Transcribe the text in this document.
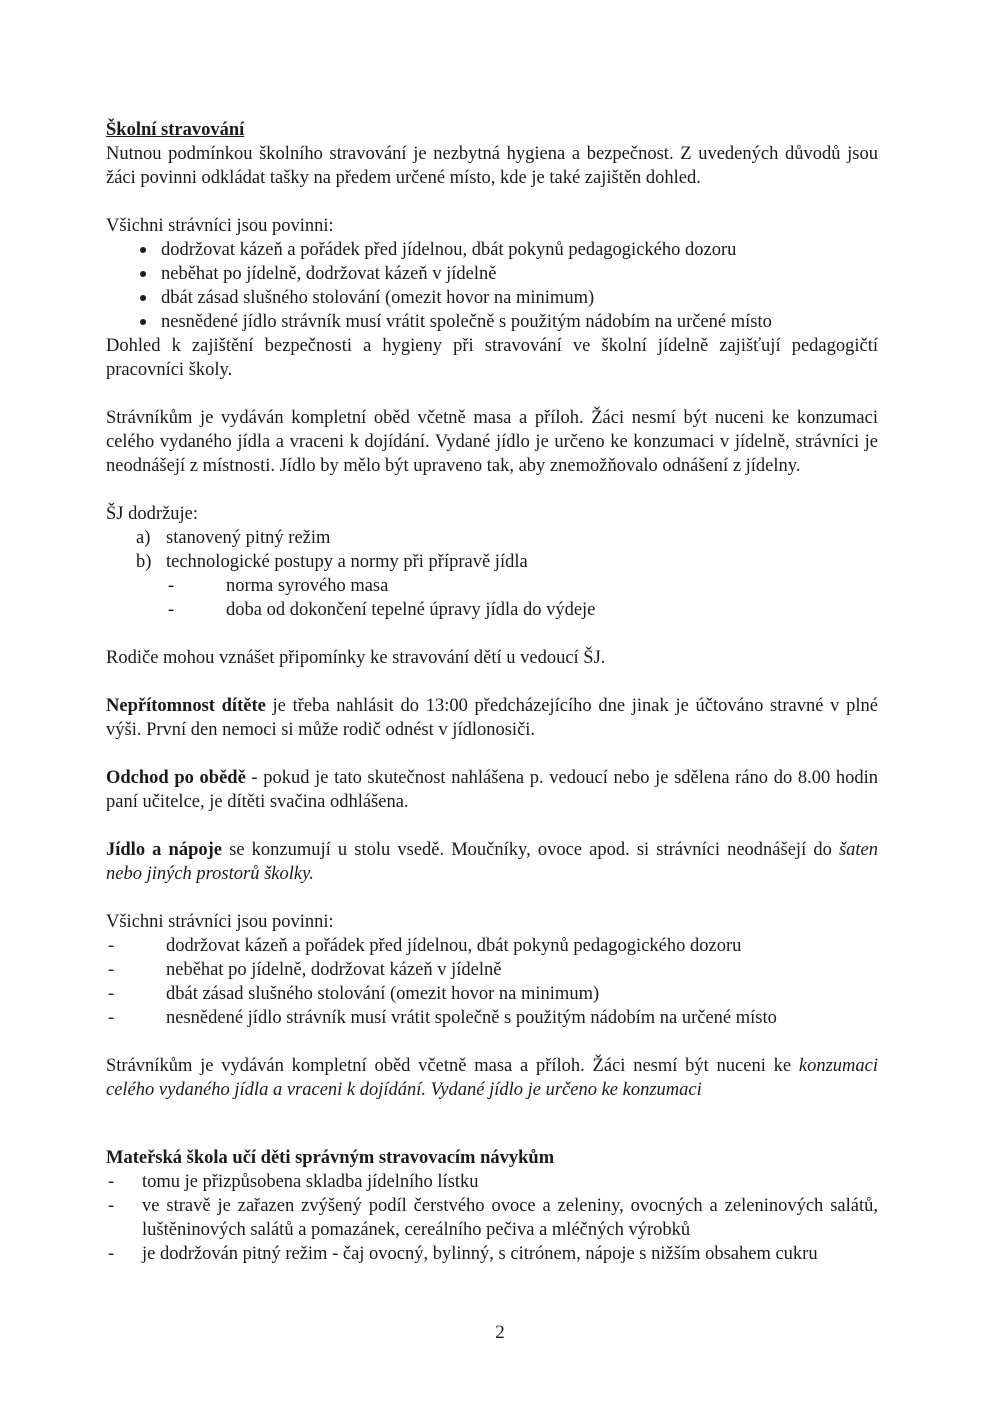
Školní stravování

Nutnou podmínkou školního stravování je nezbytná hygiena a bezpečnost. Z uvedených důvodů jsou žáci povinni odkládat tašky na předem určené místo, kde je také zajištěn dohled.

Všichni strávníci jsou povinni:

dodržovat kázeň a pořádek před jídelnou, dbát pokynů pedagogického dozoru
neběhat po jídelně, dodržovat kázeň v jídelně
dbát zásad slušného stolování (omezit hovor na minimum)
nesnědené jídlo strávník musí vrátit společně s použitým nádobím na určené místo

Dohled k zajištění bezpečnosti a hygieny při stravování ve školní jídelně zajišťují pedagogičtí pracovníci školy.

Strávníkům je vydáván kompletní oběd včetně masa a příloh. Žáci nesmí být nuceni ke konzumaci celého vydaného jídla a vraceni k dojídání. Vydané jídlo je určeno ke konzumaci v jídelně, strávníci je neodnášejí z místnosti. Jídlo by mělo být upraveno tak, aby znemožňovalo odnášení z jídelny.

ŠJ dodržuje:

a) stanovený pitný režim
b) technologické postupy a normy při přípravě jídla
-	norma syrového masa
-	doba od dokončení tepelné úpravy jídla do výdeje

Rodiče mohou vznášet připomínky ke stravování dětí u vedoucí ŠJ.

Nepřítomnost dítěte je třeba nahlásit do 13:00 předcházejícího dne jinak je účtováno stravné v plné výši. První den nemoci si může rodič odnést v jídlonosiči.

Odchod po obědě - pokud je tato skutečnost nahlášena p. vedoucí nebo je sdělena ráno do 8.00 hodin paní učitelce, je dítěti svačina odhlášena.

Jídlo a nápoje se konzumují u stolu vsedě. Moučníky, ovoce apod. si strávníci neodnášejí do šaten nebo jiných prostorů školky.

Všichni strávníci jsou povinni:

-	dodržovat kázeň a pořádek před jídelnou, dbát pokynů pedagogického dozoru
-	neběhat po jídelně, dodržovat kázeň v jídelně
-	dbát zásad slušného stolování (omezit hovor na minimum)
-	nesnědené jídlo strávník musí vrátit společně s použitým nádobím na určené místo

Strávníkům je vydáván kompletní oběd včetně masa a příloh. Žáci nesmí být nuceni ke konzumaci celého vydaného jídla a vraceni k dojídání. Vydané jídlo je určeno ke konzumaci

Mateřská škola učí děti správným stravovacím návykům

- tomu je přizpůsobena skladba jídelního lístku
- ve stravě je zařazen zvýšený podíl čerstvého ovoce a zeleniny, ovocných a zeleninových salátů, luštěninových salátů a pomazánek, cereálního pečiva a mléčných výrobků
- je dodržován pitný režim - čaj ovocný, bylinný, s citrónem, nápoje s nižším obsahem cukru
2
